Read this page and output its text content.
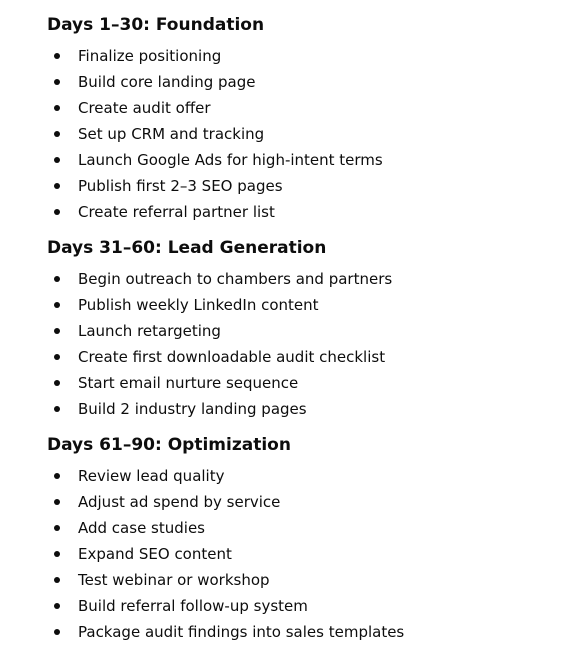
Days 1–30: Foundation
Finalize positioning
Build core landing page
Create audit offer
Set up CRM and tracking
Launch Google Ads for high-intent terms
Publish first 2–3 SEO pages
Create referral partner list
Days 31–60: Lead Generation
Begin outreach to chambers and partners
Publish weekly LinkedIn content
Launch retargeting
Create first downloadable audit checklist
Start email nurture sequence
Build 2 industry landing pages
Days 61–90: Optimization
Review lead quality
Adjust ad spend by service
Add case studies
Expand SEO content
Test webinar or workshop
Build referral follow-up system
Package audit findings into sales templates
